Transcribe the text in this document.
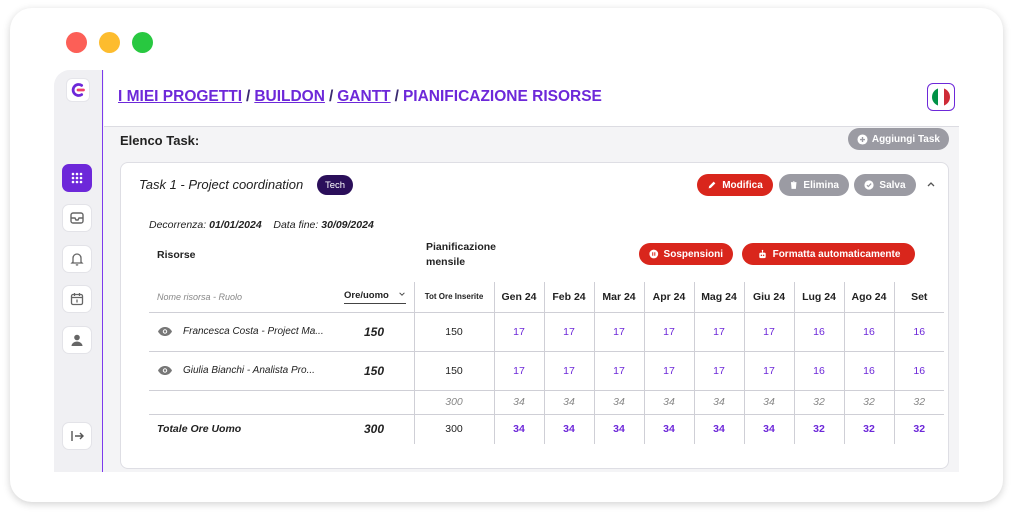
I MIEI PROGETTI / BUILDON / GANTT / PIANIFICAZIONE RISORSE
Elenco Task:	Aggiungi Task
Task 1 - Project coordination	Tech	Modifica	Elimina	Salva
Decorrenza: 01/01/2024 Data fine: 30/09/2024
Risorse
Pianificazione mensile
Sospensioni	Formatta automaticamente
Nome risorsa - Ruolo	Ore/uomo	Tot Ore Inserite	Gen 24	Feb 24	Mar 24	Apr 24	Mag 24	Giu 24	Lug 24	Ago 24	Set

Francesca Costa - Project Ma...	150	150	17	17	17	17	17	17	16	16	16

Giulia Bianchi - Analista Pro...	150	150	17	17	17	17	17	17	16	16	16
		300	34	34	34	34	34	34	32	32	32
Totale Ore Uomo	300	300	34	34	34	34	34	34	32	32	32
